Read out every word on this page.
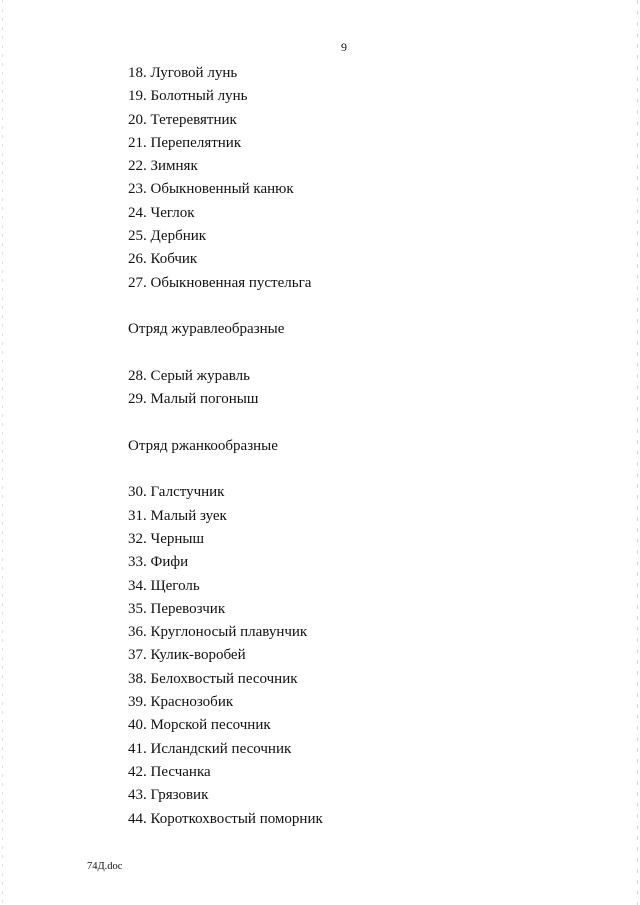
9
18. Луговой лунь
19. Болотный лунь
20. Тетеревятник
21. Перепелятник
22. Зимняк
23. Обыкновенный канюк
24. Чеглок
25. Дербник
26. Кобчик
27. Обыкновенная пустельга
Отряд журавлеобразные
28. Серый журавль
29. Малый погоныш
Отряд ржанкообразные
30. Галстучник
31. Малый зуек
32. Черныш
33. Фифи
34. Щеголь
35. Перевозчик
36. Круглоносый плавунчик
37. Кулик-воробей
38. Белохвостый песочник
39. Краснозобик
40. Морской песочник
41. Исландский песочник
42. Песчанка
43. Грязовик
44. Короткохвостый поморник
74Д.doc
